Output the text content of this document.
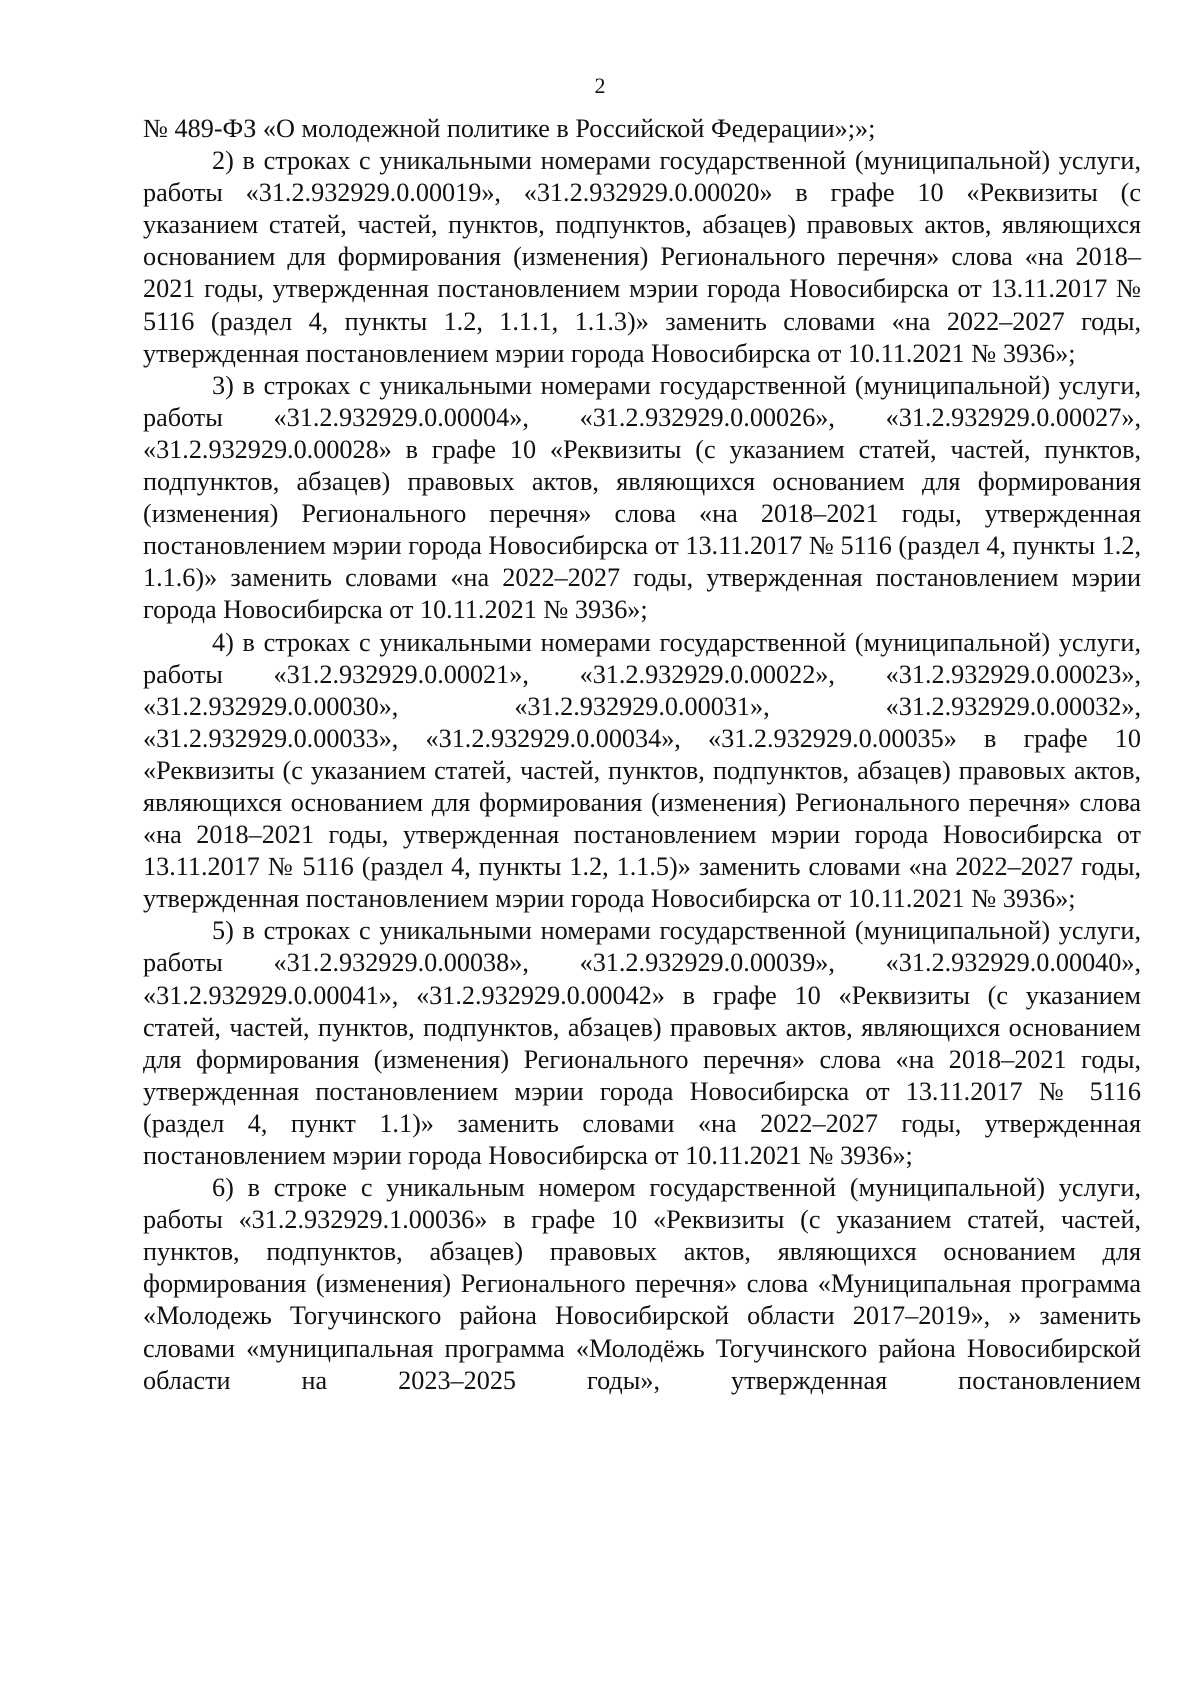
2

№ 489-ФЗ «О молодежной политике в Российской Федерации»;»;

2) в строках с уникальными номерами государственной (муниципальной) услуги, работы «31.2.932929.0.00019», «31.2.932929.0.00020» в графе 10 «Реквизиты (с указанием статей, частей, пунктов, подпунктов, абзацев) правовых актов, являющихся основанием для формирования (изменения) Регионального перечня» слова «на 2018–2021 годы, утвержденная постановлением мэрии города Новосибирска от 13.11.2017 № 5116 (раздел 4, пункты 1.2, 1.1.1, 1.1.3)» заменить словами «на 2022–2027 годы, утвержденная постановлением мэрии города Новосибирска от 10.11.2021 № 3936»;

3) в строках с уникальными номерами государственной (муниципальной) услуги, работы «31.2.932929.0.00004», «31.2.932929.0.00026», «31.2.932929.0.00027», «31.2.932929.0.00028» в графе 10 «Реквизиты (с указанием статей, частей, пунктов, подпунктов, абзацев) правовых актов, являющихся основанием для формирования (изменения) Регионального перечня» слова «на 2018–2021 годы, утвержденная постановлением мэрии города Новосибирска от 13.11.2017 № 5116 (раздел 4, пункты 1.2, 1.1.6)» заменить словами «на 2022–2027 годы, утвержденная постановлением мэрии города Новосибирска от 10.11.2021 № 3936»;

4) в строках с уникальными номерами государственной (муниципальной) услуги, работы «31.2.932929.0.00021», «31.2.932929.0.00022», «31.2.932929.0.00023», «31.2.932929.0.00030», «31.2.932929.0.00031», «31.2.932929.0.00032», «31.2.932929.0.00033», «31.2.932929.0.00034», «31.2.932929.0.00035» в графе 10 «Реквизиты (с указанием статей, частей, пунктов, подпунктов, абзацев) правовых актов, являющихся основанием для формирования (изменения) Регионального перечня» слова «на 2018–2021 годы, утвержденная постановлением мэрии города Новосибирска от 13.11.2017 № 5116 (раздел 4, пункты 1.2, 1.1.5)» заменить словами «на 2022–2027 годы, утвержденная постановлением мэрии города Новосибирска от 10.11.2021 № 3936»;

5) в строках с уникальными номерами государственной (муниципальной) услуги, работы «31.2.932929.0.00038», «31.2.932929.0.00039», «31.2.932929.0.00040», «31.2.932929.0.00041», «31.2.932929.0.00042» в графе 10 «Реквизиты (с указанием статей, частей, пунктов, подпунктов, абзацев) правовых актов, являющихся основанием для формирования (изменения) Регионального перечня» слова «на 2018–2021 годы, утвержденная постановлением мэрии города Новосибирска от 13.11.2017 № 5116 (раздел 4, пункт 1.1)» заменить словами «на 2022–2027 годы, утвержденная постановлением мэрии города Новосибирска от 10.11.2021 № 3936»;

6) в строке с уникальным номером государственной (муниципальной) услуги, работы «31.2.932929.1.00036» в графе 10 «Реквизиты (с указанием статей, частей, пунктов, подпунктов, абзацев) правовых актов, являющихся основанием для формирования (изменения) Регионального перечня» слова «Муниципальная программа «Молодежь Тогучинского района Новосибирской области 2017–2019», » заменить словами «муниципальная программа «Молодёжь Тогучинского района Новосибирской области на 2023–2025 годы», утвержденная постановлением
